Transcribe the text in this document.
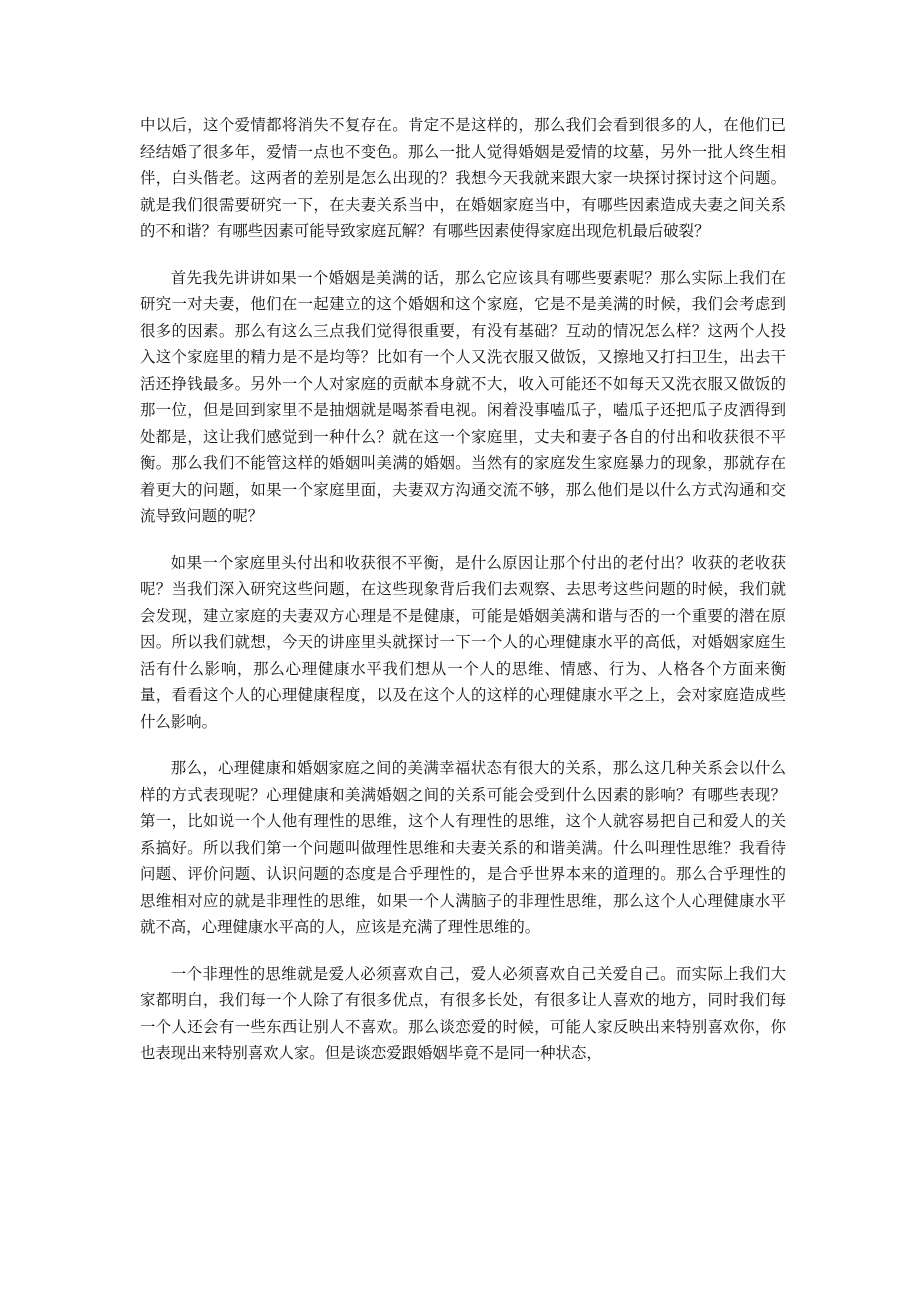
中以后，这个爱情都将消失不复存在。肯定不是这样的，那么我们会看到很多的人，在他们已经结婚了很多年，爱情一点也不变色。那么一批人觉得婚姻是爱情的坟墓，另外一批人终生相伴，白头偕老。这两者的差别是怎么出现的？我想今天我就来跟大家一块探讨探讨这个问题。就是我们很需要研究一下，在夫妻关系当中，在婚姻家庭当中，有哪些因素造成夫妻之间关系的不和谐？有哪些因素可能导致家庭瓦解？有哪些因素使得家庭出现危机最后破裂？

首先我先讲讲如果一个婚姻是美满的话，那么它应该具有哪些要素呢？那么实际上我们在研究一对夫妻，他们在一起建立的这个婚姻和这个家庭，它是不是美满的时候，我们会考虑到很多的因素。那么有这么三点我们觉得很重要，有没有基础？互动的情况怎么样？这两个人投入这个家庭里的精力是不是均等？比如有一个人又洗衣服又做饭，又擦地又打扫卫生，出去干活还挣钱最多。另外一个人对家庭的贡献本身就不大，收入可能还不如每天又洗衣服又做饭的那一位，但是回到家里不是抽烟就是喝茶看电视。闲着没事嗑瓜子，嗑瓜子还把瓜子皮洒得到处都是，这让我们感觉到一种什么？就在这一个家庭里，丈夫和妻子各自的付出和收获很不平衡。那么我们不能管这样的婚姻叫美满的婚姻。当然有的家庭发生家庭暴力的现象，那就存在着更大的问题，如果一个家庭里面，夫妻双方沟通交流不够，那么他们是以什么方式沟通和交流导致问题的呢？

如果一个家庭里头付出和收获很不平衡，是什么原因让那个付出的老付出？收获的老收获呢？当我们深入研究这些问题，在这些现象背后我们去观察、去思考这些问题的时候，我们就会发现，建立家庭的夫妻双方心理是不是健康，可能是婚姻美满和谐与否的一个重要的潜在原因。所以我们就想，今天的讲座里头就探讨一下一个人的心理健康水平的高低，对婚姻家庭生活有什么影响，那么心理健康水平我们想从一个人的思维、情感、行为、人格各个方面来衡量，看看这个人的心理健康程度，以及在这个人的这样的心理健康水平之上，会对家庭造成些什么影响。

那么，心理健康和婚姻家庭之间的美满幸福状态有很大的关系，那么这几种关系会以什么样的方式表现呢？心理健康和美满婚姻之间的关系可能会受到什么因素的影响？有哪些表现？第一，比如说一个人他有理性的思维，这个人有理性的思维，这个人就容易把自己和爱人的关系搞好。所以我们第一个问题叫做理性思维和夫妻关系的和谐美满。什么叫理性思维？我看待问题、评价问题、认识问题的态度是合乎理性的，是合乎世界本来的道理的。那么合乎理性的思维相对应的就是非理性的思维，如果一个人满脑子的非理性思维，那么这个人心理健康水平就不高，心理健康水平高的人，应该是充满了理性思维的。

一个非理性的思维就是爱人必须喜欢自己，爱人必须喜欢自己关爱自己。而实际上我们大家都明白，我们每一个人除了有很多优点，有很多长处，有很多让人喜欢的地方，同时我们每一个人还会有一些东西让别人不喜欢。那么谈恋爱的时候，可能人家反映出来特别喜欢你，你也表现出来特别喜欢人家。但是谈恋爱跟婚姻毕竟不是同一种状态，
